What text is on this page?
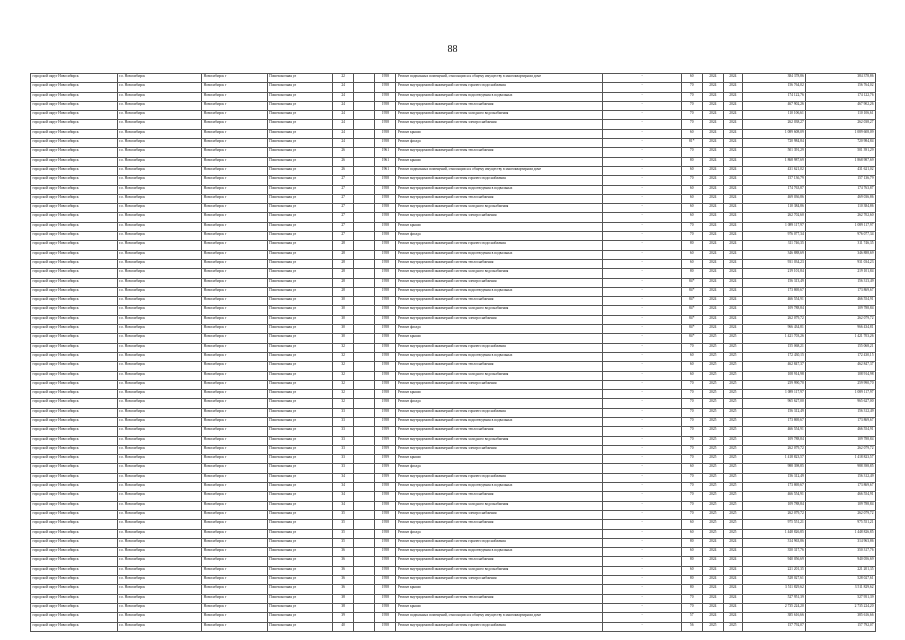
88
городской округ Новосибирск	г.о. Новосибирск	Новосибирск г	Пошехоночная ул	22		1958	Ремонт подвальных помещений, относящихся к общему имуществу в многоквартирном доме	-	60	2024	2024	384 378,86	384 378,86
городской округ Новосибирск	г.о. Новосибирск	Новосибирск г	Пошехоночная ул	24		1958	Ремонт внутридомовой инженерной системы горячего водоснабжения	-	70	2024	2024	156 764,02	156 764,02
городской округ Новосибирск	г.о. Новосибирск	Новосибирск г	Пошехоночная ул	24		1958	Ремонт внутридомовой инженерной системы водоотведения в подвальных	-	70	2024	2024	174 122,76	174 122,76
городской округ Новосибирск	г.о. Новосибирск	Новосибирск г	Пошехоночная ул	24		1958	Ремонт внутридомовой инженерной системы теплоснабжения	-	70	2024	2024	467 902,26	467 902,26
городской округ Новосибирск	г.о. Новосибирск	Новосибирск г	Пошехоночная ул	24		1958	Ремонт внутридомовой инженерной системы холодного водоснабжения	-	70	2024	2024	110 106,61	110 106,61
городской округ Новосибирск	г.о. Новосибирск	Новосибирск г	Пошехоночная ул	24		1958	Ремонт внутридомовой инженерной системы электроснабжения	-	70	2024	2024	262 038,27	262 038,27
городской округ Новосибирск	г.о. Новосибирск	Новосибирск г	Пошехоночная ул	24		1958	Ремонт крыши	-	60	2024	2024	1 089 608,09	1 089 608,09
городской округ Новосибирск	г.о. Новосибирск	Новосибирск г	Пошехоночная ул	24		1958	Ремонт фасада	-	81*	2024	2024	720 984,84	720 984,84
городской округ Новосибирск	г.о. Новосибирск	Новосибирск г	Пошехоночная ул	26		1961	Ремонт внутридомовой инженерной системы теплоснабжения	-	70	2024	2024	501 391,29	501 391,29
городской округ Новосибирск	г.о. Новосибирск	Новосибирск г	Пошехоночная ул	26		1961	Ремонт крыши	-	80	2024	2024	1 868 987,69	1 868 987,69
городской округ Новосибирск	г.о. Новосибирск	Новосибирск г	Пошехоночная ул	26		1961	Ремонт подвальных помещений, относящихся к общему имуществу в многоквартирном доме	-	60	2024	2024	431 621,02	431 621,02
городской округ Новосибирск	г.о. Новосибирск	Новосибирск г	Пошехоночная ул	27		1958	Ремонт внутридомовой инженерной системы горячего водоснабжения	-	70	2024	2024	157 136,79	157 136,79
городской округ Новосибирск	г.о. Новосибирск	Новосибирск г	Пошехоночная ул	27		1958	Ремонт внутридомовой инженерной системы водоотведения в подвальных	-	60	2024	2024	174 763,87	174 763,87
городской округ Новосибирск	г.о. Новосибирск	Новосибирск г	Пошехоночная ул	27		1958	Ремонт внутридомовой инженерной системы теплоснабжения	-	60	2024	2024	469 036,86	469 036,86
городской округ Новосибирск	г.о. Новосибирск	Новосибирск г	Пошехоночная ул	27		1958	Ремонт внутридомовой инженерной системы холодного водоснабжения	-	60	2024	2024	110 384,86	110 384,86
городской округ Новосибирск	г.о. Новосибирск	Новосибирск г	Пошехоночная ул	27		1958	Ремонт внутридомовой инженерной системы электроснабжения	-	60	2024	2024	262 702,60	262 702,60
городской округ Новосибирск	г.о. Новосибирск	Новосибирск г	Пошехоночная ул	27		1958	Ремонт крыши	-	70	2024	2024	1 089 117,97	1 089 117,97
городской округ Новосибирск	г.о. Новосибирск	Новосибирск г	Пошехоночная ул	27		1958	Ремонт фасада	-	70	2024	2024	976 077,34	976 077,34
городской округ Новосибирск	г.о. Новосибирск	Новосибирск г	Пошехоночная ул	28		1958	Ремонт внутридомовой инженерной системы горячего водоснабжения	-	80	2024	2024	311 746,35	311 746,35
городской округ Новосибирск	г.о. Новосибирск	Новосибирск г	Пошехоночная ул	28		1958	Ремонт внутридомовой инженерной системы водоотведения в подвальных	-	60	2024	2024	346 888,69	346 888,69
городской округ Новосибирск	г.о. Новосибирск	Новосибирск г	Пошехоночная ул	28		1958	Ремонт внутридомовой инженерной системы теплоснабжения	-	60	2024	2024	931 034,23	931 034,23
городской округ Новосибирск	г.о. Новосибирск	Новосибирск г	Пошехоночная ул	28		1958	Ремонт внутридомовой инженерной системы холодного водоснабжения	-	80	2024	2024	219 101,84	219 101,84
городской округ Новосибирск	г.о. Новосибирск	Новосибирск г	Пошехоночная ул	28		1958	Ремонт внутридомовой инженерной системы электроснабжения	-	84*	2024	2024	156 313,49	156 313,49
городской округ Новосибирск	г.о. Новосибирск	Новосибирск г	Пошехоночная ул	28		1958	Ремонт внутридомовой инженерной системы водоотведения в подвальных	-	84*	2024	2024	173 869,67	173 869,67
городской округ Новосибирск	г.о. Новосибирск	Новосибирск г	Пошехоночная ул	30		1958	Ремонт внутридомовой инженерной системы теплоснабжения	-	84*	2024	2024	466 554,91	466 554,91
городской округ Новосибирск	г.о. Новосибирск	Новосибирск г	Пошехоночная ул	30		1958	Ремонт внутридомовой инженерной системы холодного водоснабжения	-	84*	2024	2024	109 788,84	109 788,84
городской округ Новосибирск	г.о. Новосибирск	Новосибирск г	Пошехоночная ул	30		1958	Ремонт внутридомовой инженерной системы электроснабжения	-	84*	2024	2024	262 079,72	262 079,72
городской округ Новосибирск	г.о. Новосибирск	Новосибирск г	Пошехоночная ул	30		1958	Ремонт фасада	-	84*	2024	2024	966 434,81	966 434,81
городской округ Новосибирск	г.о. Новосибирск	Новосибирск г	Пошехоночная ул	30		1958	Ремонт крыши	-	84*	2025	2025	1 421 703,26	1 421 703,26
городской округ Новосибирск	г.о. Новосибирск	Новосибирск г	Пошехоночная ул	32		1958	Ремонт внутридомовой инженерной системы горячего водоснабжения	-	70	2025	2025	155 068,21	155 068,21
городской округ Новосибирск	г.о. Новосибирск	Новосибирск г	Пошехоночная ул	32		1958	Ремонт внутридомовой инженерной системы водоотведения в подвальных	-	60	2025	2025	172 430,15	172 430,15
городской округ Новосибирск	г.о. Новосибирск	Новосибирск г	Пошехоночная ул	32		1958	Ремонт внутридомовой инженерной системы теплоснабжения	-	60	2025	2025	462 847,37	462 847,37
городской округ Новосибирск	г.о. Новосибирск	Новосибирск г	Пошехоночная ул	32		1958	Ремонт внутридомовой инженерной системы холодного водоснабжения	-	60	2025	2025	108 914,98	108 914,98
городской округ Новосибирск	г.о. Новосибирск	Новосибирск г	Пошехоночная ул	32		1958	Ремонт внутридомовой инженерной системы электроснабжения	-	70	2025	2025	259 990,70	259 990,70
городской округ Новосибирск	г.о. Новосибирск	Новосибирск г	Пошехоночная ул	32		1958	Ремонт крыши	-	70	2025	2025	1 089 117,97	1 089 117,97
городской округ Новосибирск	г.о. Новосибирск	Новосибирск г	Пошехоночная ул	32		1958	Ремонт фасада	-	70	2025	2025	965 627,00	965 627,00
городской округ Новосибирск	г.о. Новосибирск	Новосибирск г	Пошехоночная ул	33		1958	Ремонт внутридомовой инженерной системы горячего водоснабжения	-	70	2025	2025	156 312,49	156 312,49
городской округ Новосибирск	г.о. Новосибирск	Новосибирск г	Пошехоночная ул	33		1958	Ремонт внутридомовой инженерной системы водоотведения в подвальных	-	70	2025	2025	173 869,67	173 869,67
городской округ Новосибирск	г.о. Новосибирск	Новосибирск г	Пошехоночная ул	33		1959	Ремонт внутридомовой инженерной системы теплоснабжения	-	70	2025	2025	466 554,91	466 554,91
городской округ Новосибирск	г.о. Новосибирск	Новосибирск г	Пошехоночная ул	33		1959	Ремонт внутридомовой инженерной системы холодного водоснабжения	-	70	2025	2025	109 788,84	109 788,84
городской округ Новосибирск	г.о. Новосибирск	Новосибирск г	Пошехоночная ул	33		1959	Ремонт внутридомовой инженерной системы электроснабжения	-	70	2025	2025	262 079,72	262 079,72
городской округ Новосибирск	г.о. Новосибирск	Новосибирск г	Пошехоночная ул	33		1959	Ремонт крыши	-	70	2025	2025	1 418 823,57	1 418 823,57
городской округ Новосибирск	г.о. Новосибирск	Новосибирск г	Пошехоночная ул	33		1959	Ремонт фасада	-	60	2025	2025	988 398,85	988 398,85
городской округ Новосибирск	г.о. Новосибирск	Новосибирск г	Пошехоночная ул	34		1959	Ремонт внутридомовой инженерной системы горячего водоснабжения	-	70	2025	2025	156 312,49	156 312,49
городской округ Новосибирск	г.о. Новосибирск	Новосибирск г	Пошехоночная ул	34		1958	Ремонт внутридомовой инженерной системы водоотведения в подвальных	-	70	2025	2025	173 869,67	173 869,67
городской округ Новосибирск	г.о. Новосибирск	Новосибирск г	Пошехоночная ул	34		1958	Ремонт внутридомовой инженерной системы теплоснабжения	-	70	2025	2025	466 554,91	466 554,91
городской округ Новосибирск	г.о. Новосибирск	Новосибирск г	Пошехоночная ул	34		1958	Ремонт внутридомовой инженерной системы холодного водоснабжения	-	70	2025	2025	109 788,84	109 788,84
городской округ Новосибирск	г.о. Новосибирск	Новосибирск г	Пошехоночная ул	35		1958	Ремонт внутридомовой инженерной системы электроснабжения	-	70	2025	2025	262 079,72	262 079,72
городской округ Новосибирск	г.о. Новосибирск	Новосибирск г	Пошехоночная ул	35		1958	Ремонт внутридомовой инженерной системы теплоснабжения	-	60	2025	2025	975 551,21	975 551,21
городской округ Новосибирск	г.о. Новосибирск	Новосибирск г	Пошехоночная ул	35		1958	Ремонт фасада	-	60	2025	2025	1 448 826,85	1 448 826,85
городской округ Новосибирск	г.о. Новосибирск	Новосибирск г	Пошехоночная ул	35		1958	Ремонт внутридомовой инженерной системы горячего водоснабжения	-	80	2024	2024	314 963,86	314 963,86
городской округ Новосибирск	г.о. Новосибирск	Новосибирск г	Пошехоночная ул	36		1958	Ремонт внутридомовой инженерной системы водоотведения в подвальных	-	60	2024	2024	350 317,76	350 317,76
городской округ Новосибирск	г.о. Новосибирск	Новосибирск г	Пошехоночная ул	36		1958	Ремонт внутридомовой инженерной системы теплоснабжения	-	80	2024	2024	940 056,69	940 056,69
городской округ Новосибирск	г.о. Новосибирск	Новосибирск г	Пошехоночная ул	36		1958	Ремонт внутридомовой инженерной системы холодного водоснабжения	-	60	2024	2024	221 201,35	221 201,35
городской округ Новосибирск	г.о. Новосибирск	Новосибирск г	Пошехоночная ул	36		1958	Ремонт внутридомовой инженерной системы электроснабжения	-	80	2024	2024	528 027,61	528 027,61
городской округ Новосибирск	г.о. Новосибирск	Новосибирск г	Пошехоночная ул	36		1958	Ремонт крыши	-	80	2024	2024	3 511 829,62	3 511 829,62
городской округ Новосибирск	г.о. Новосибирск	Новосибирск г	Пошехоночная ул	38		1958	Ремонт внутридомовой инженерной системы теплоснабжения	-	70	2024	2024	527 951,39	527 951,39
городской округ Новосибирск	г.о. Новосибирск	Новосибирск г	Пошехоночная ул	38		1958	Ремонт крыши	-	70	2024	2024	2 735 224,20	2 735 224,20
городской округ Новосибирск	г.о. Новосибирск	Новосибирск г	Пошехоночная ул	39		1958	Ремонт подвальных помещений, относящихся к общему имуществу в многоквартирном доме	-	57	2024	2024	385 616,66	385 616,66
городской округ Новосибирск	г.о. Новосибирск	Новосибирск г	Пошехоночная ул	40		1958	Ремонт внутридомовой инженерной системы горячего водоснабжения	-	56	2025	2025	157 792,07	157 792,07
